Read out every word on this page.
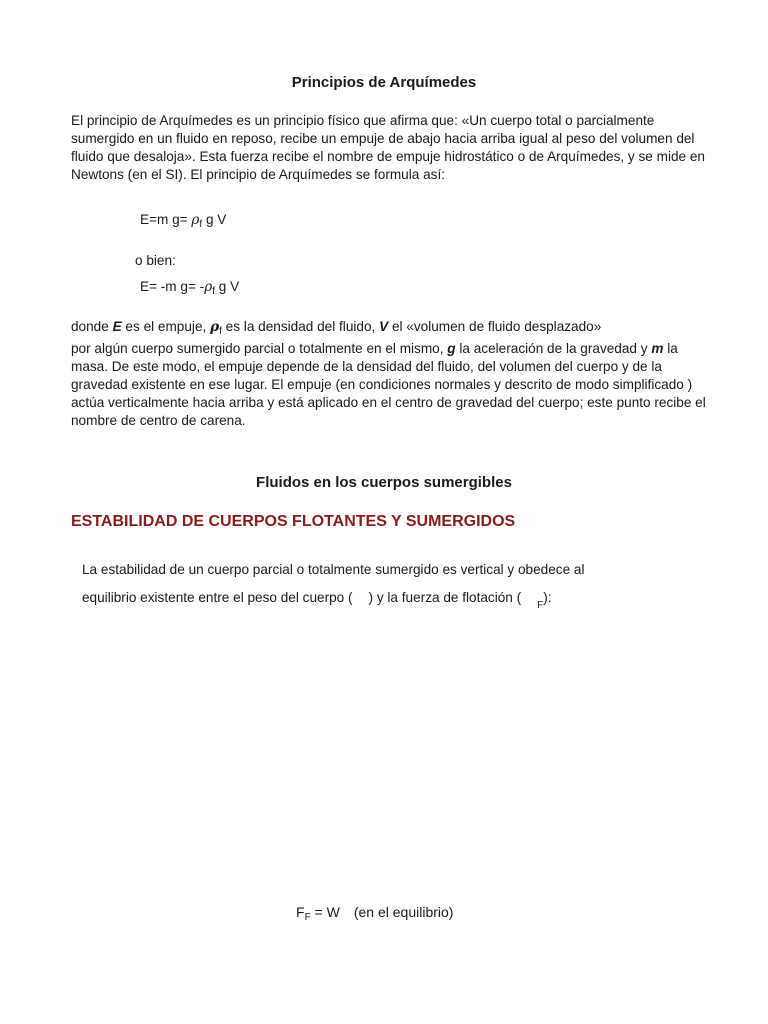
Principios de Arquímedes
El principio de Arquímedes es un principio físico que afirma que: «Un cuerpo total o parcialmente sumergido en un fluido en reposo, recibe un empuje de abajo hacia arriba igual al peso del volumen del fluido que desaloja». Esta fuerza recibe el nombre de empuje hidrostático o de Arquímedes, y se mide en Newtons (en el SI). El principio de Arquímedes se formula así:
E=m $g= \rho_f$ g V
o bien:
E= -m $g= -\rho_f$ g V
donde E es el empuje, $\rho_f$ es la densidad del fluido, V el «volumen de fluido desplazado»
por algún cuerpo sumergido parcial o totalmente en el mismo, g la aceleración de la gravedad y m la masa. De este modo, el empuje depende de la densidad del fluido, del volumen del cuerpo y de la gravedad existente en ese lugar. El empuje (en condiciones normales y descrito de modo simplificado ) actúa verticalmente hacia arriba y está aplicado en el centro de gravedad del cuerpo; este punto recibe el nombre de centro de carena.
Fluidos en los cuerpos sumergibles
ESTABILIDAD DE CUERPOS FLOTANTES Y SUMERGIDOS
La estabilidad de un cuerpo parcial o totalmente sumergido es vertical y obedece al
equilibrio existente entre el peso del cuerpo ( ) y la fuerza de flotación $(_F)$:
$F_F = W$ (en el equilibrio)
